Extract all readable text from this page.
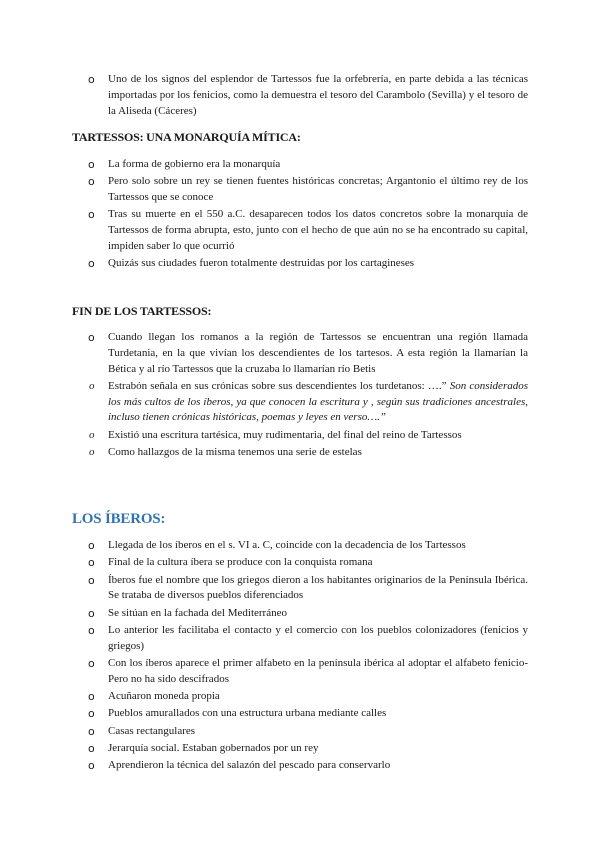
o Uno de los signos del esplendor de Tartessos fue la orfebrería, en parte debida a las técnicas importadas por los fenicios, como la demuestra el tesoro del Carambolo (Sevilla) y el tesoro de la Aliseda (Cáceres)
TARTESSOS: UNA MONARQUÍA MÍTICA:
o La forma de gobierno era la monarquía
o Pero solo sobre un rey se tienen fuentes históricas concretas; Argantonio el último rey de los Tartessos que se conoce
o Tras su muerte en el 550 a.C. desaparecen todos los datos concretos sobre la monarquía de Tartessos de forma abrupta, esto, junto con el hecho de que aún no se ha encontrado su capital, impiden saber lo que ocurrió
o Quizás sus ciudades fueron totalmente destruidas por los cartagineses
FIN DE LOS TARTESSOS:
o Cuando llegan los romanos a la región de Tartessos se encuentran una región llamada Turdetania, en la que vivían los descendientes de los tartesos. A esta región la llamarían la Bética y al río Tartessos que la cruzaba lo llamarían río Betis
o Estrabón señala en sus crónicas sobre sus descendientes los turdetanos: ….” Son considerados los más cultos de los íberos, ya que conocen la escritura y , según sus tradiciones ancestrales, incluso tienen crónicas históricas, poemas y leyes en verso….”
o Existió una escritura tartésica, muy rudimentaria, del final del reino de Tartessos
o Como hallazgos de la misma tenemos una serie de estelas
LOS ÍBEROS:
o Llegada de los íberos en el s. VI a. C, coincide con la decadencia de los Tartessos
o Final de la cultura íbera se produce con la conquista romana
o Íberos fue el nombre que los griegos dieron a los habitantes originarios de la Península Ibérica. Se trataba de diversos pueblos diferenciados
o Se sitúan en la fachada del Mediterráneo
o Lo anterior les facilitaba el contacto y el comercio con los pueblos colonizadores (fenicios y griegos)
o Con los íberos aparece el primer alfabeto en la península ibérica al adoptar el alfabeto fenicio- Pero no ha sido descifrados
o Acuñaron moneda propia
o Pueblos amurallados con una estructura urbana mediante calles
o Casas rectangulares
o Jerarquía social. Estaban gobernados por un rey
o Aprendieron la técnica del salazón del pescado para conservarlo
